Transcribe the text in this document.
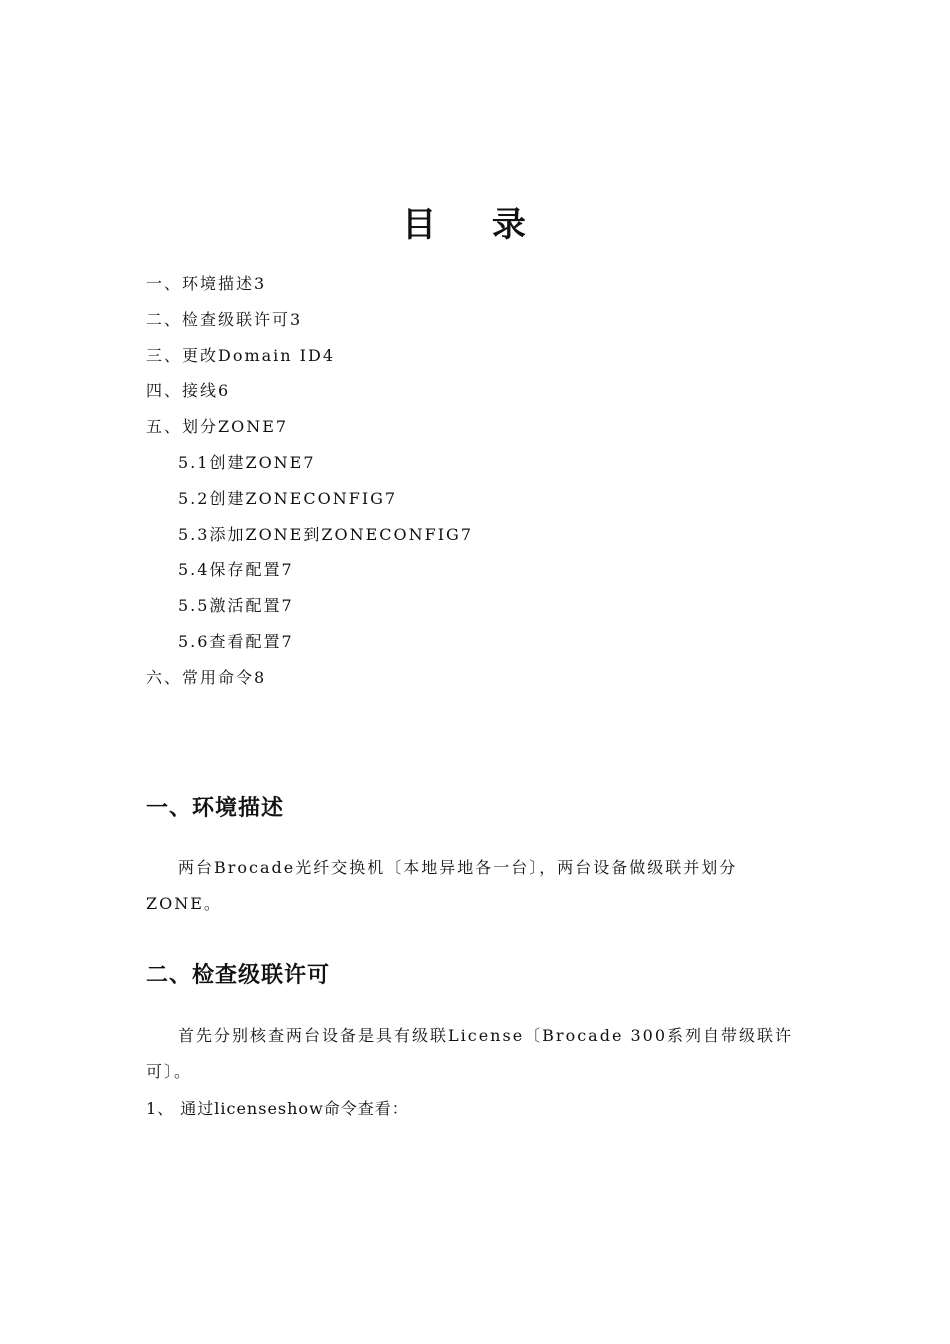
目 录
一、环境描述3
二、检查级联许可3
三、更改Domain ID4
四、接线6
五、划分ZONE7
5.1创建ZONE7
5.2创建ZONECONFIG7
5.3添加ZONE到ZONECONFIG7
5.4保存配置7
5.5激活配置7
5.6查看配置7
六、常用命令8
一、环境描述
两台Brocade光纤交换机〔本地异地各一台〕，两台设备做级联并划分ZONE。
二、检查级联许可
首先分别核查两台设备是具有级联License〔Brocade 300系列自带级联许可〕。
1、 通过licenseshow命令查看：
